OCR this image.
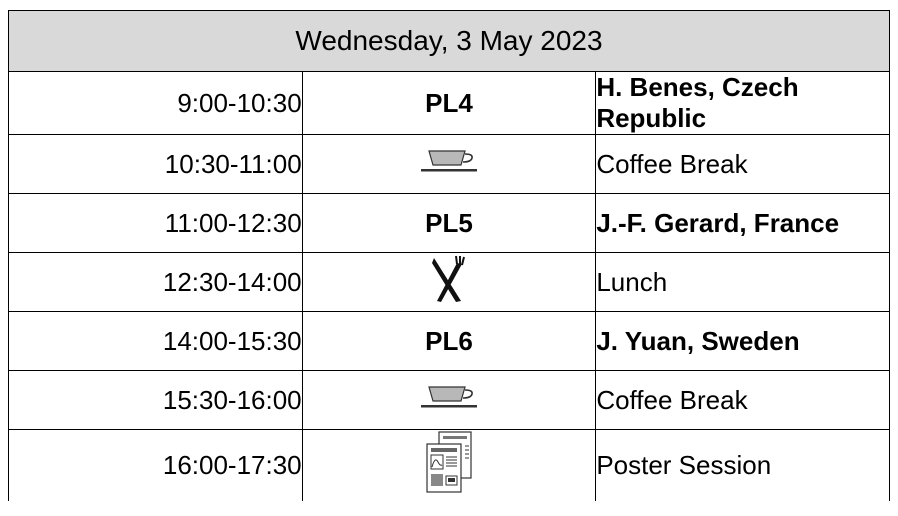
Wednesday, 3 May 2023		
9:00-10:30	PL4	H. Benes, Czech Republic
10:30-11:00		Coffee Break
11:00-12:30	PL5	J.-F. Gerard, France
12:30-14:00		Lunch
14:00-15:30	PL6	J. Yuan, Sweden
15:30-16:00		Coffee Break
16:00-17:30		Poster Session
